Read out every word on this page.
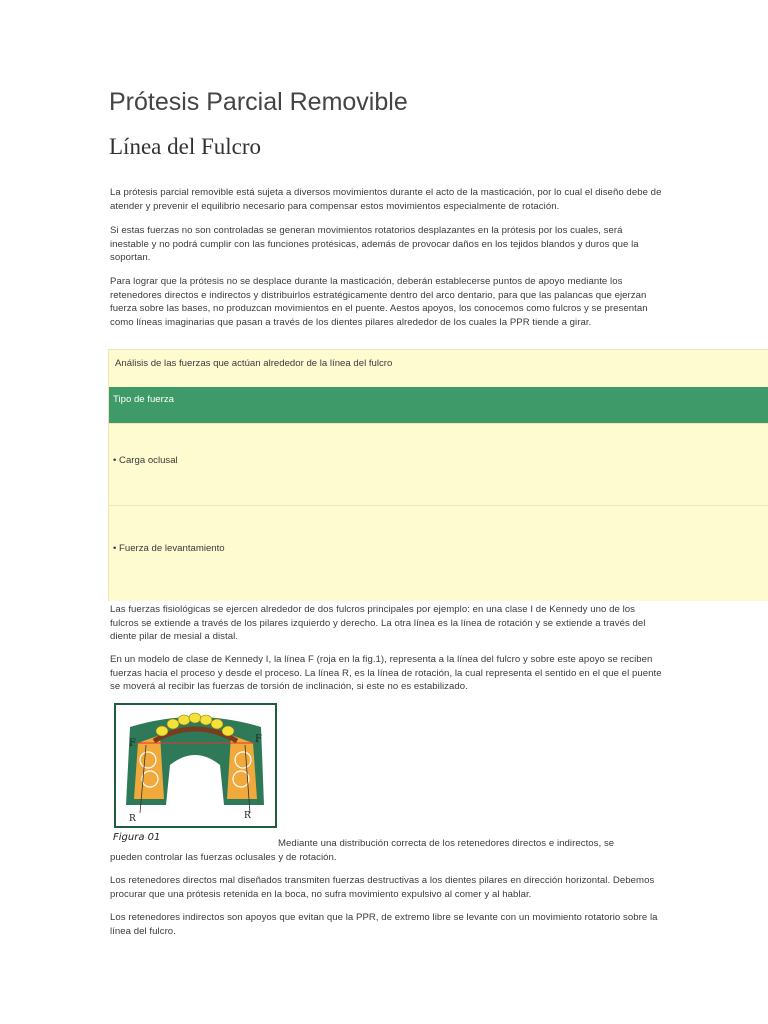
Prótesis Parcial Removible
Línea del Fulcro

La prótesis parcial removible está sujeta a diversos movimientos durante el acto de la masticación, por lo cual el diseño debe de atender y prevenir el equilibrio necesario para compensar estos movimientos especialmente de rotación.

Si estas fuerzas no son controladas se generan movimientos rotatorios desplazantes en la prótesis por los cuales, será inestable y no podrá cumplir con las funciones protésicas, además de provocar daños en los tejidos blandos y duros que la soportan.

Para lograr que la prótesis no se desplace durante la masticación, deberán establecerse puntos de apoyo mediante los retenedores directos e indirectos y distribuirlos estratégicamente dentro del arco dentario, para que las palancas que ejerzan fuerza sobre las bases, no produzcan movimientos en el puente. Aestos apoyos, los conocemos como fulcros y se presentan como líneas imaginarias que pasan a través de los dientes pilares alrededor de los cuales la PPR tiende a girar.

Análisis de las fuerzas que actúan alrededor de la línea del fulcro
Tipo de fuerza
• Carga oclusal
• Fuerza de levantamiento

Las fuerzas fisiológicas se ejercen alrededor de dos fulcros principales por ejemplo: en una clase I de Kennedy uno de los fulcros se extiende a través de los pilares izquierdo y derecho. La otra línea es la línea de rotación y se extiende a través del diente pilar de mesial a distal.

En un modelo de clase de Kennedy I, la línea F (roja en la fig.1), representa a la línea del fulcro y sobre este apoyo se reciben fuerzas hacia el proceso y desde el proceso. La línea R, es la línea de rotación, la cual representa el sentido en el que el puente se moverá al recibir las fuerzas de torsión de inclinación, si este no es estabilizado.

F	F
R	R
Figura 01

Mediante una distribución correcta de los retenedores directos e indirectos, se pueden controlar las fuerzas oclusales y de rotación.

Los retenedores directos mal diseñados transmiten fuerzas destructivas a los dientes pilares en dirección horizontal. Debemos procurar que una prótesis retenida en la boca, no sufra movimiento expulsivo al comer y al hablar.

Los retenedores indirectos son apoyos que evitan que la PPR, de extremo libre se levante con un movimiento rotatorio sobre la línea del fulcro.
